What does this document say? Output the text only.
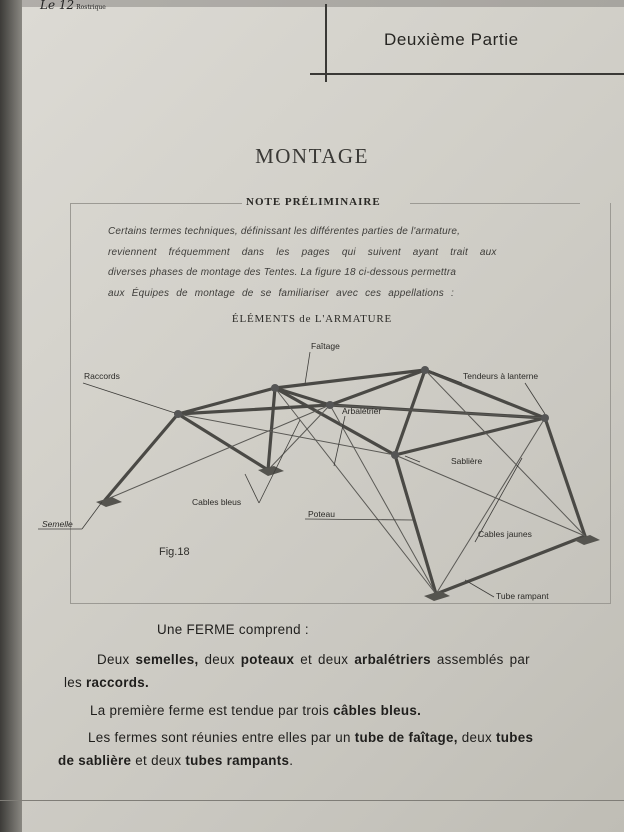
Le 12 Rostrique
Deuxième Partie
MONTAGE
NOTE PRÉLIMINAIRE
Certains termes techniques, définissant les différentes parties de l'armature,
reviennent fréquemment dans les pages qui suivent ayant trait aux
diverses phases de montage des Tentes. La figure 18 ci-dessous permettra
aux Équipes de montage de se familiariser avec ces appellations :
ÉLÉMENTS de L'ARMATURE
Faîtage
Raccords	Tendeurs à lanterne
Arbalétrier
Sablière
Cables bleus
Poteau
Semelle
Cables jaunes
Tube rampant
Fig.18
Une FERME comprend :
Deux semelles, deux poteaux et deux arbalétriers assemblés par
les raccords.
La première ferme est tendue par trois câbles bleus.
Les fermes sont réunies entre elles par un tube de faîtage, deux tubes
de sablière et deux tubes rampants.
